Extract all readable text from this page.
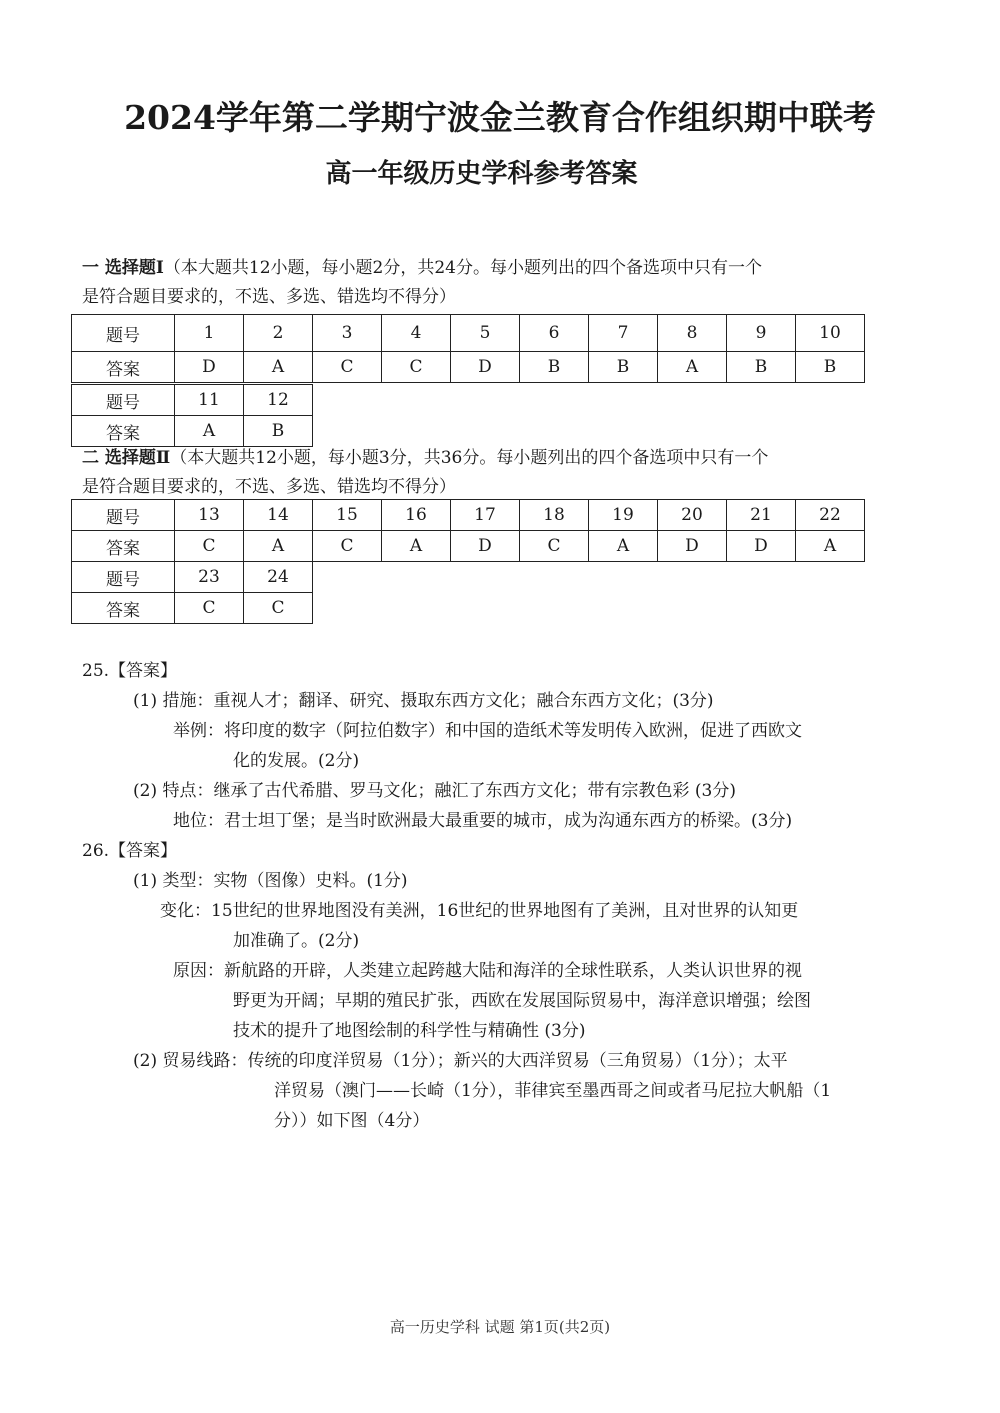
2024学年第二学期宁波金兰教育合作组织期中联考
高一年级历史学科参考答案
一 选择题Ⅰ（本大题共12小题，每小题2分，共24分。每小题列出的四个备选项中只有一个
是符合题目要求的，不选、多选、错选均不得分）
题号	1	2	3	4	5	6	7	8	9	10
答案	D	A	C	C	D	B	B	A	B	B
题号	11	12
答案	A	B
二 选择题Ⅱ（本大题共12小题，每小题3分，共36分。每小题列出的四个备选项中只有一个
是符合题目要求的，不选、多选、错选均不得分）
题号	13	14	15	16	17	18	19	20	21	22
答案	C	A	C	A	D	C	A	D	D	A
题号	23	24
答案	C	C
25.【答案】
(1) 措施：重视人才；翻译、研究、摄取东西方文化；融合东西方文化；(3分)
举例：将印度的数字（阿拉伯数字）和中国的造纸术等发明传入欧洲，促进了西欧文
化的发展。(2分)
(2) 特点：继承了古代希腊、罗马文化；融汇了东西方文化；带有宗教色彩 (3分)
地位：君士坦丁堡；是当时欧洲最大最重要的城市，成为沟通东西方的桥梁。(3分)
26.【答案】
(1) 类型：实物（图像）史料。(1分)
变化：15世纪的世界地图没有美洲，16世纪的世界地图有了美洲，且对世界的认知更
加准确了。(2分)
原因：新航路的开辟，人类建立起跨越大陆和海洋的全球性联系，人类认识世界的视
野更为开阔；早期的殖民扩张，西欧在发展国际贸易中，海洋意识增强；绘图
技术的提升了地图绘制的科学性与精确性 (3分)
(2) 贸易线路：传统的印度洋贸易（1分）；新兴的大西洋贸易（三角贸易）（1分）；太平
洋贸易（澳门——长崎（1分），菲律宾至墨西哥之间或者马尼拉大帆船（1
分））如下图（4分）
高一历史学科 试题 第1页(共2页)
